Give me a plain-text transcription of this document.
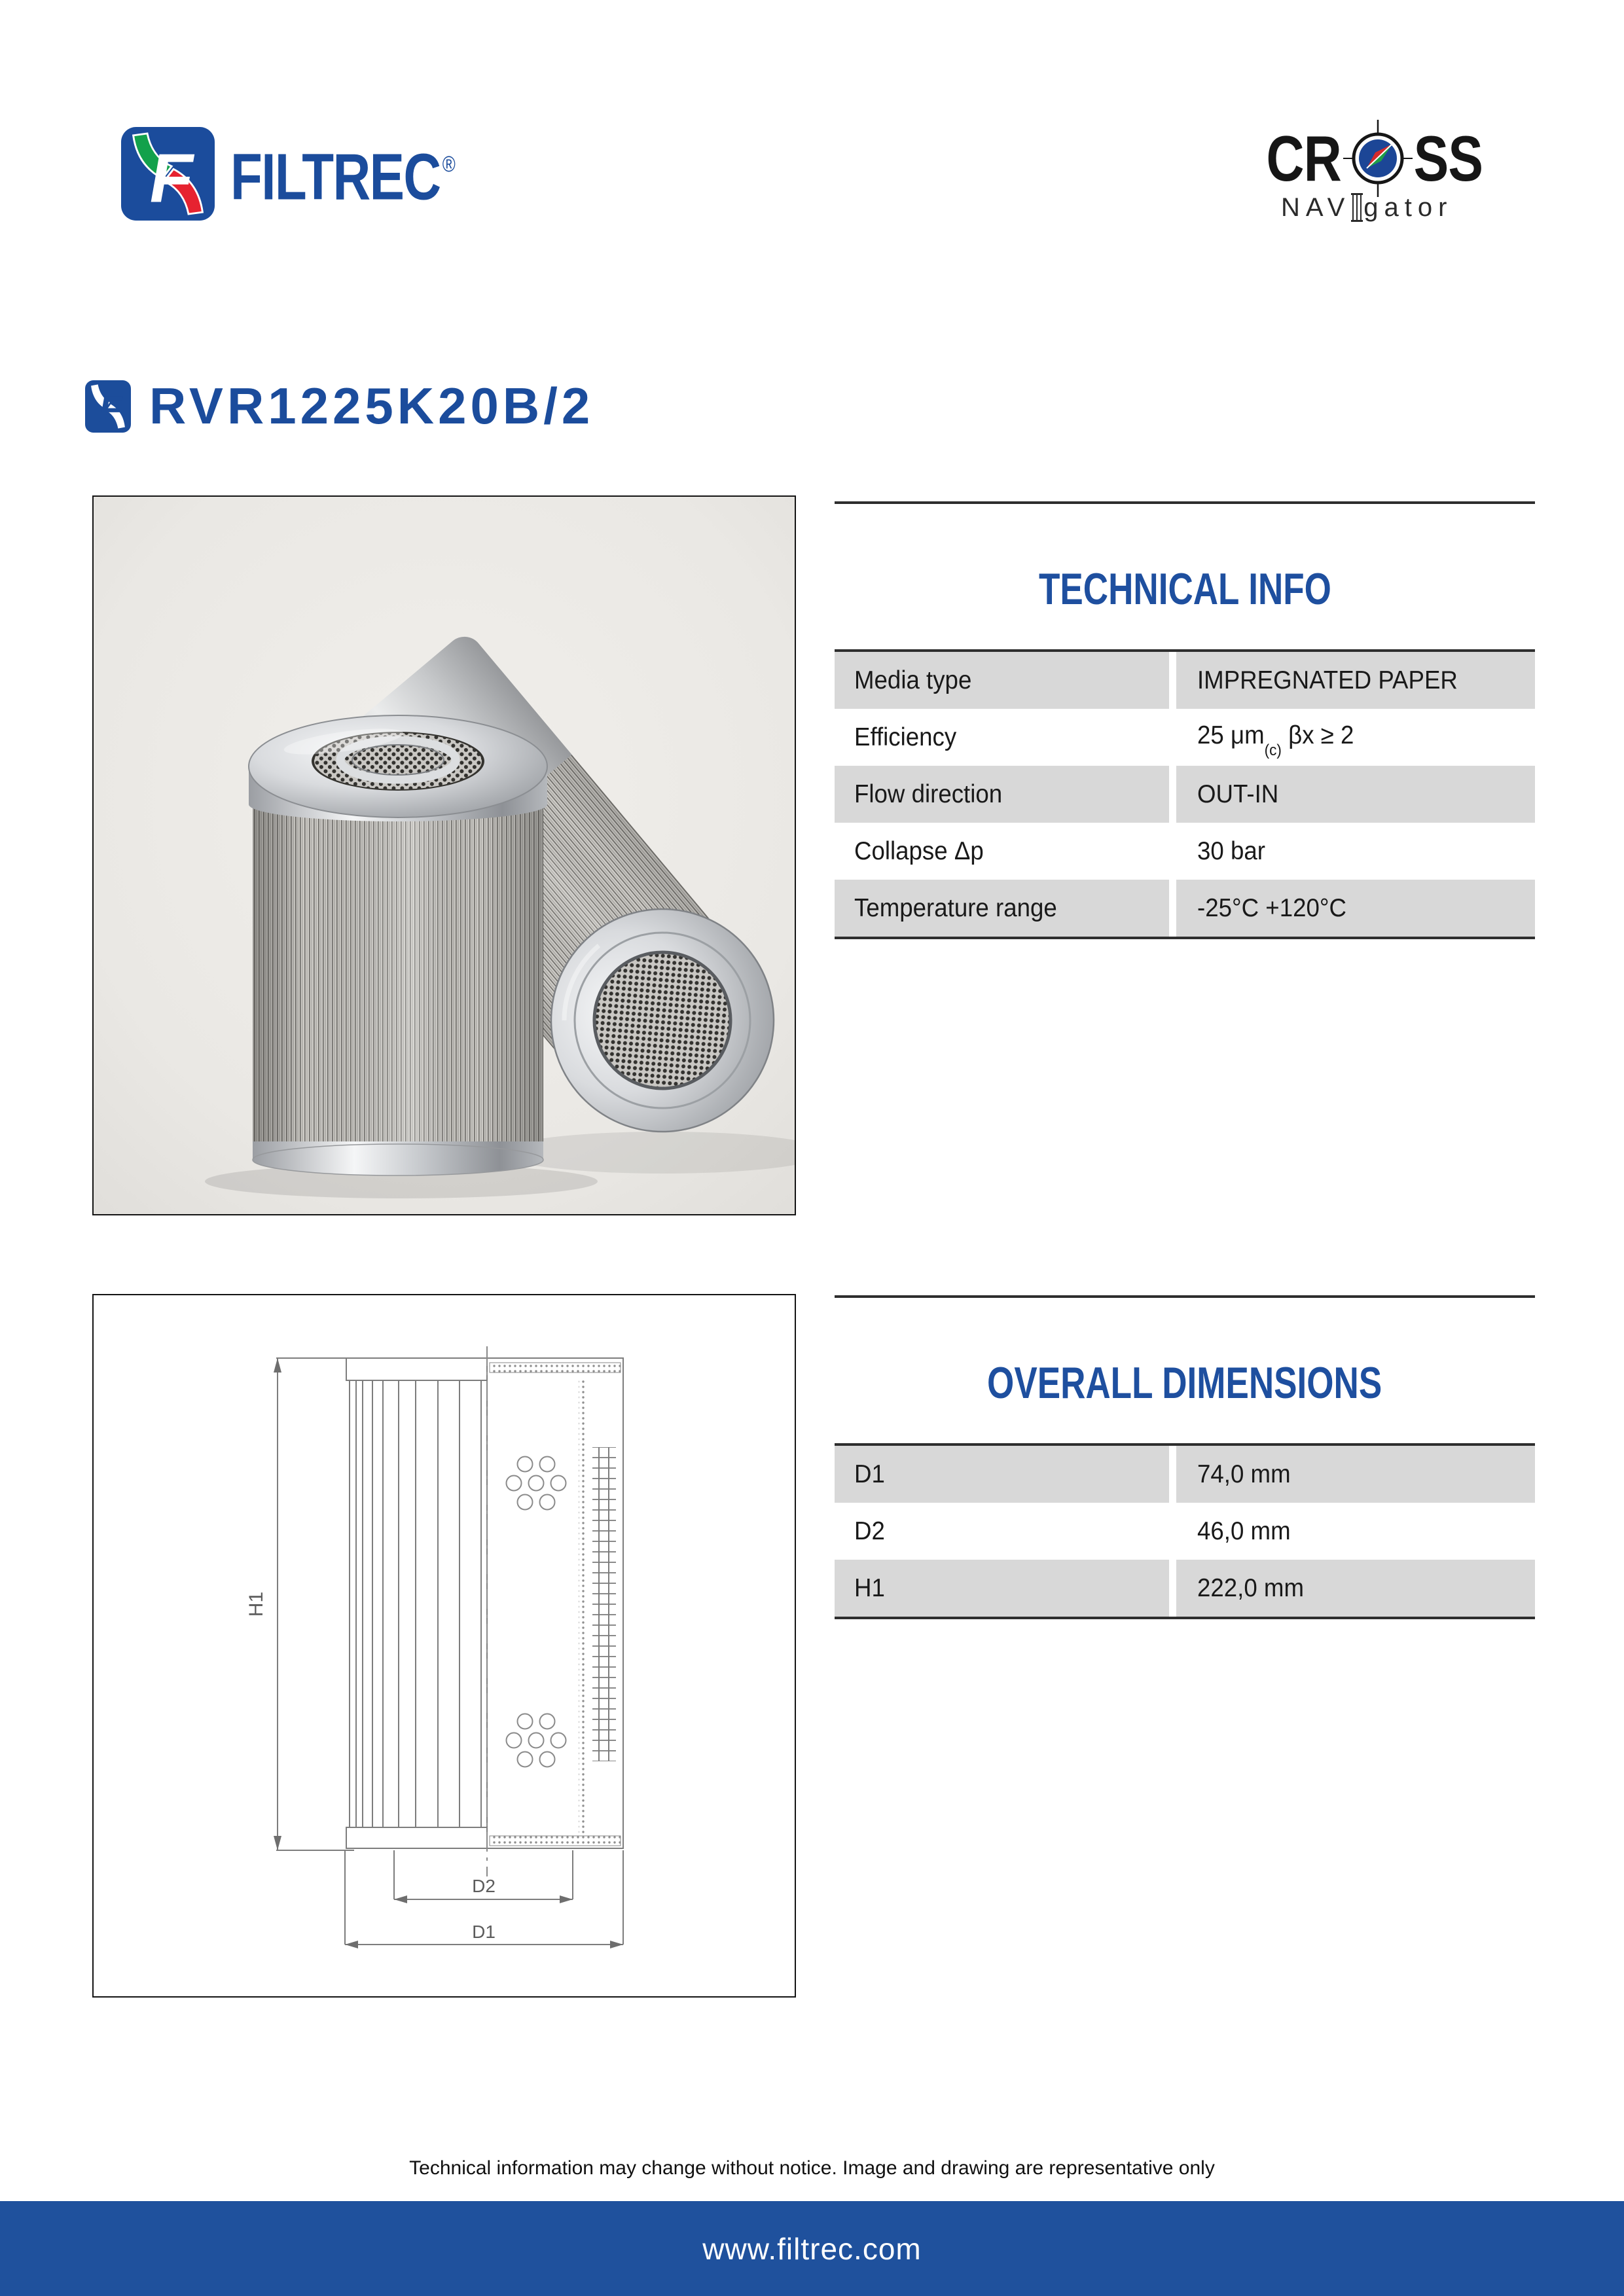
F FILTREC®	CR SS
NAV gator
F RVR1225K20B/2
TECHNICAL INFO
Media type	IMPREGNATED PAPER
Efficiency	25 $\mu m_{(c)}$ βx ≥ 2
Flow direction	OUT-IN
Collapse Δp	30 bar
Temperature range	-25°C +120°C
H1
D2
D1
OVERALL DIMENSIONS
D1	74,0 mm
D2	46,0 mm
H1	222,0 mm
Technical information may change without notice. Image and drawing are representative only
www.filtrec.com
